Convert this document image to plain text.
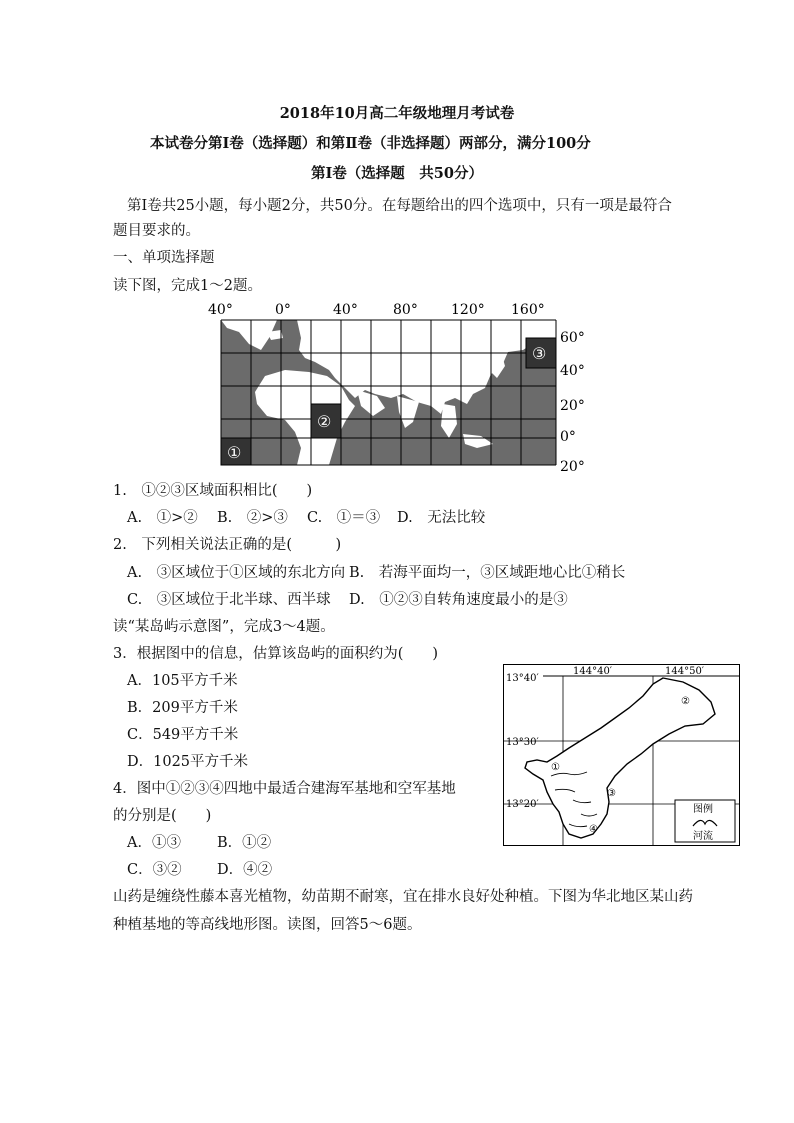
2018年10月高二年级地理月考试卷
本试卷分第Ⅰ卷（选择题）和第Ⅱ卷（非选择题）两部分，满分100分
第Ⅰ卷（选择题　共50分）
第Ⅰ卷共25小题，每小题2分，共50分。在每题给出的四个选项中，只有一项是最符合
题目要求的。
一、单项选择题
读下图，完成1～2题。
40°	0°	40°	80° 120° 160°
60°
40°
20°
0°
20°
①
②
③
1.　①②③区域面积相比(　　)
A.　①>② B.　②>③ C.　①＝③ D.　无法比较
2.　下列相关说法正确的是(　　　)
A.　③区域位于①区域的东北方向 B.　若海平面均一，③区域距地心比①稍长
C.　③区域位于北半球、西半球 D.　①②③自转角速度最小的是③
读“某岛屿示意图”，完成3～4题。
3．根据图中的信息，估算该岛屿的面积约为(　　)
A．105平方千米
B．209平方千米
C．549平方千米
D．1025平方千米
4．图中①②③④四地中最适合建海军基地和空军基地
的分别是(　　)
A．①③ B．①②
C．③② D．④②
144°40′	144°50′
13°40′
13°30′
13°20′
①
②
③
④
图例
河流
山药是缠绕性藤本喜光植物，幼苗期不耐寒，宜在排水良好处种植。下图为华北地区某山药
种植基地的等高线地形图。读图，回答5～6题。
